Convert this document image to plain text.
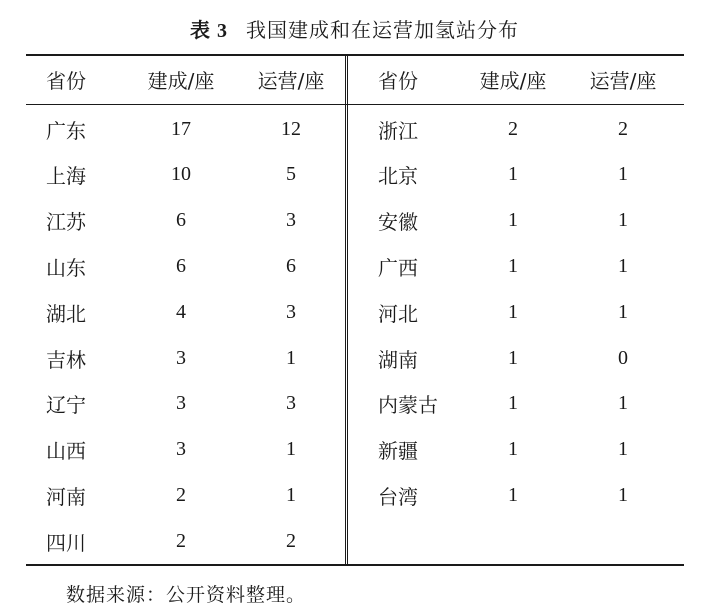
表 3 我国建成和在运营加氢站分布
省份	建成/座	运营/座
广东	17	12
上海	10	5
江苏	6	3
山东	6	6
湖北	4	3
吉林	3	1
辽宁	3	3
山西	3	1
河南	2	1
四川	2	2
省份	建成/座	运营/座
浙江	2	2
北京	1	1
安徽	1	1
广西	1	1
河北	1	1
湖南	1	0
内蒙古	1	1
新疆	1	1
台湾	1	1
数据来源：公开资料整理。
